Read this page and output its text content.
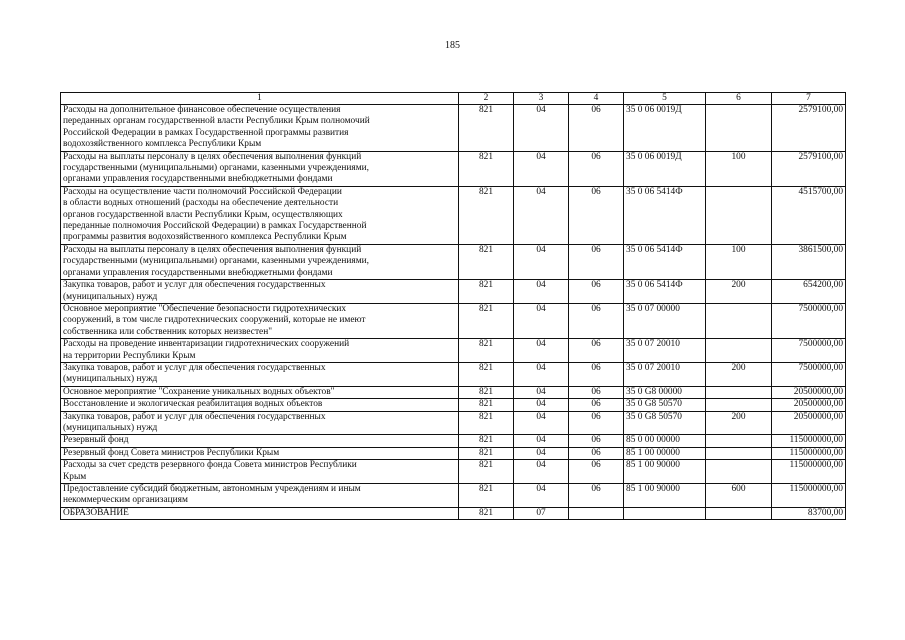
185
1	2	3	4	5	6	7
Расходы на дополнительное финансовое обеспечение осуществления
переданных органам государственной власти Республики Крым полномочий
Российской Федерации в рамках Государственной программы развития
водохозяйственного комплекса Республики Крым	821	04	06	35 0 06 0019Д		2579100,00
Расходы на выплаты персоналу в целях обеспечения выполнения функций
государственными (муниципальными) органами, казенными учреждениями,
органами управления государственными внебюджетными фондами	821	04	06	35 0 06 0019Д	100	2579100,00
Расходы на осуществление части полномочий Российской Федерации
в области водных отношений (расходы на обеспечение деятельности
органов государственной власти Республики Крым, осуществляющих
переданные полномочия Российской Федерации) в рамках Государственной
программы развития водохозяйственного комплекса Республики Крым	821	04	06	35 0 06 5414Ф		4515700,00
Расходы на выплаты персоналу в целях обеспечения выполнения функций
государственными (муниципальными) органами, казенными учреждениями,
органами управления государственными внебюджетными фондами	821	04	06	35 0 06 5414Ф	100	3861500,00
Закупка товаров, работ и услуг для обеспечения государственных
(муниципальных) нужд	821	04	06	35 0 06 5414Ф	200	654200,00
Основное мероприятие "Обеспечение безопасности гидротехнических
сооружений, в том числе гидротехнических сооружений, которые не имеют
собственника или собственник которых неизвестен"	821	04	06	35 0 07 00000		7500000,00
Расходы на проведение инвентаризации гидротехнических сооружений
на территории Республики Крым	821	04	06	35 0 07 20010		7500000,00
Закупка товаров, работ и услуг для обеспечения государственных
(муниципальных) нужд	821	04	06	35 0 07 20010	200	7500000,00
Основное мероприятие "Сохранение уникальных водных объектов"	821	04	06	35 0 G8 00000		20500000,00
Восстановление и экологическая реабилитация водных объектов	821	04	06	35 0 G8 50570		20500000,00
Закупка товаров, работ и услуг для обеспечения государственных
(муниципальных) нужд	821	04	06	35 0 G8 50570	200	20500000,00
Резервный фонд	821	04	06	85 0 00 00000		115000000,00
Резервный фонд Совета министров Республики Крым	821	04	06	85 1 00 00000		115000000,00
Расходы за счет средств резервного фонда Совета министров Республики
Крым	821	04	06	85 1 00 90000		115000000,00
Предоставление субсидий бюджетным, автономным учреждениям и иным
некоммерческим организациям	821	04	06	85 1 00 90000	600	115000000,00
ОБРАЗОВАНИЕ	821	07				83700,00
